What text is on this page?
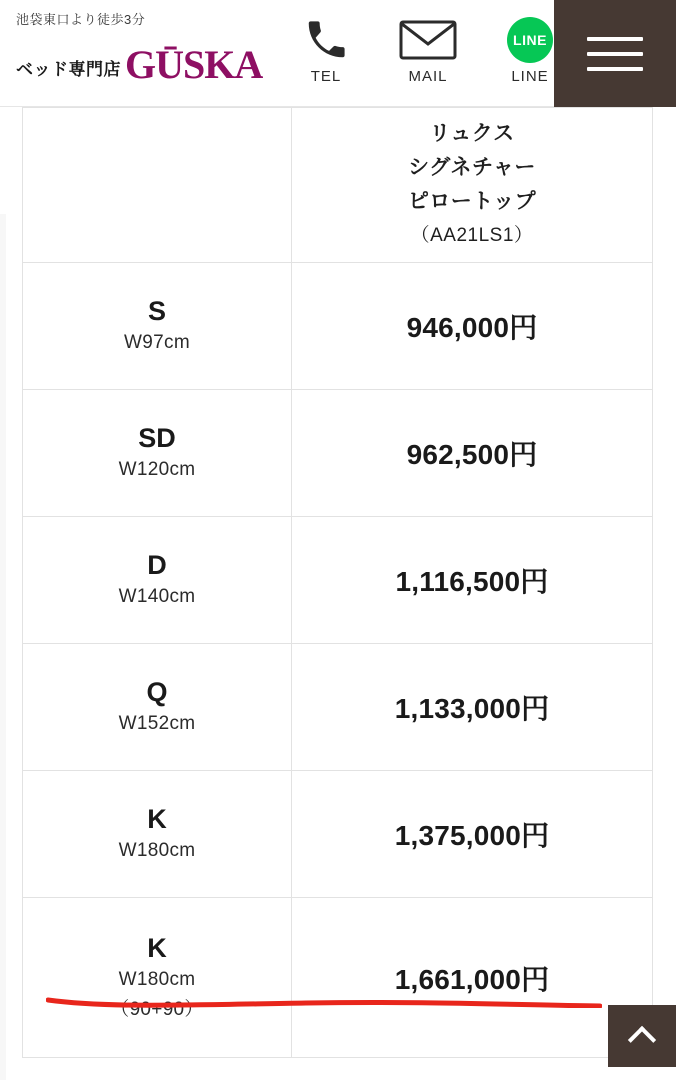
池袋東口より徒歩3分
ベッド専門店 GŪSKA	TEL	MAIL
LINE
LINE

	リュクス
シグネチャー
ピロートップ
（AA21LS1）

S
W97cm	946,000円

SD
W120cm	962,500円

D
W140cm	1,116,500円

Q
W152cm	1,133,000円

K
W180cm	1,375,000円

K
W180cm
（90+90）	1,661,000円
